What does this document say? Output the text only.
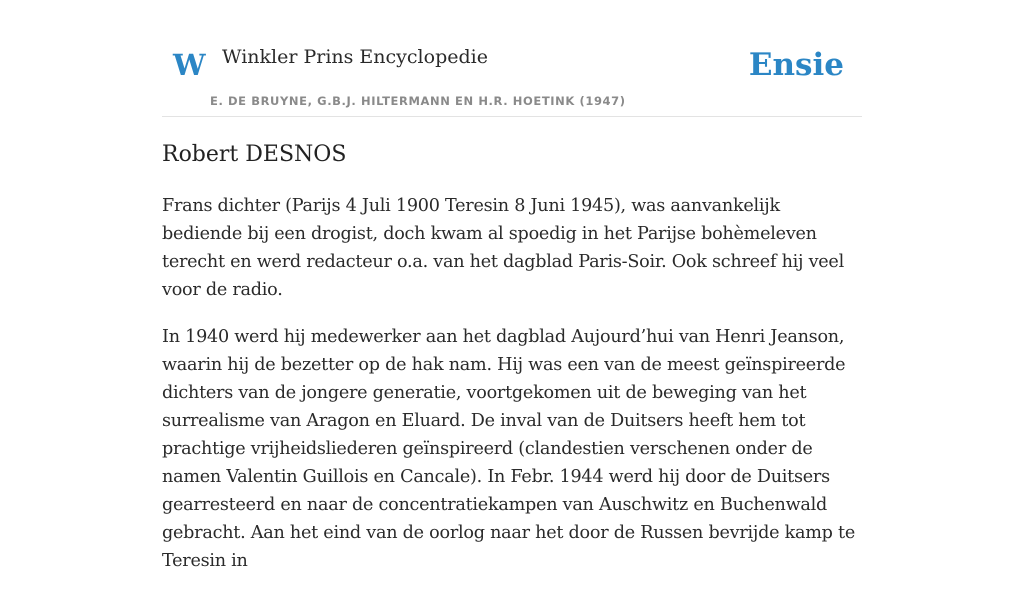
W Winkler Prins Encyclopedie
E. DE BRUYNE, G.B.J. HILTERMANN EN H.R. HOETINK (1947)
Ensie
Robert DESNOS

Frans dichter (Parijs 4 Juli 1900 Teresin 8 Juni 1945), was aanvankelijk bediende bij een drogist, doch kwam al spoedig in het Parijse bohèmeleven terecht en werd redacteur o.a. van het dagblad Paris-Soir. Ook schreef hij veel voor de radio.

In 1940 werd hij medewerker aan het dagblad Aujourd’hui van Henri Jeanson, waarin hij de bezetter op de hak nam. Hij was een van de meest geïnspireerde dichters van de jongere generatie, voortgekomen uit de beweging van het surrealisme van Aragon en Eluard. De inval van de Duitsers heeft hem tot prachtige vrijheidsliederen geïnspireerd (clandestien verschenen onder de namen Valentin Guillois en Cancale). In Febr. 1944 werd hij door de Duitsers gearresteerd en naar de concentratiekampen van Auschwitz en Buchenwald gebracht. Aan het eind van de oorlog naar het door de Russen bevrijde kamp te Teresin in
